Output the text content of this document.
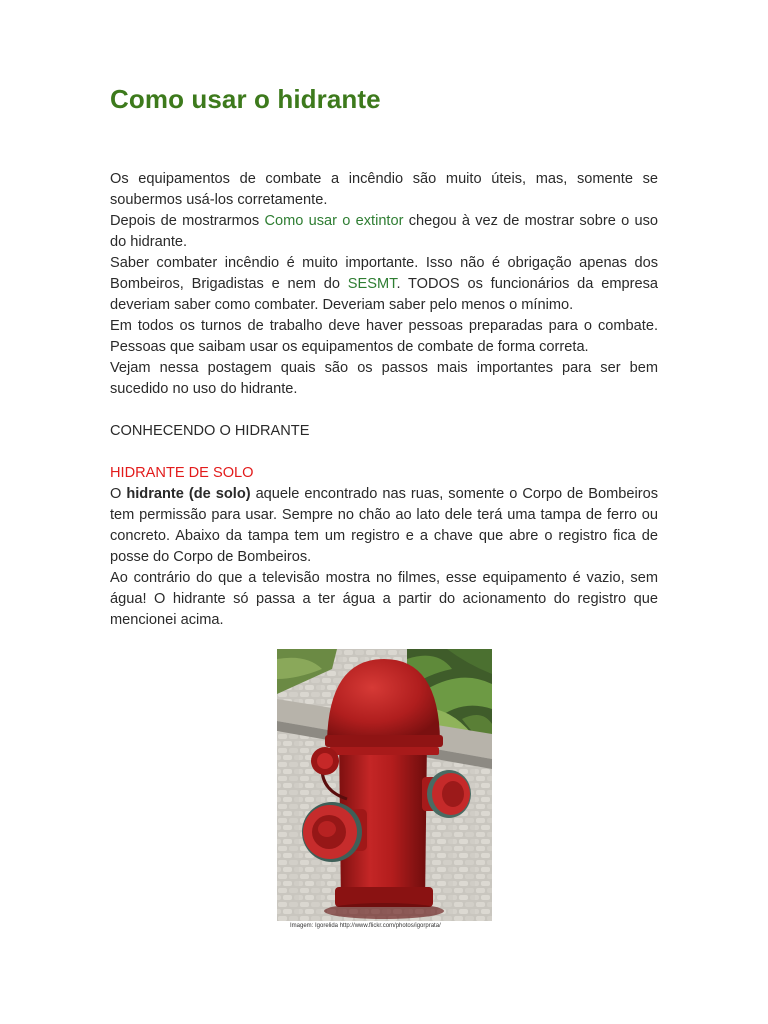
Como usar o hidrante

Os equipamentos de combate a incêndio são muito úteis, mas, somente se soubermos usá-los corretamente.

Depois de mostrarmos Como usar o extintor chegou à vez de mostrar sobre o uso do hidrante.

Saber combater incêndio é muito importante. Isso não é obrigação apenas dos Bombeiros, Brigadistas e nem do SESMT. TODOS os funcionários da empresa deveriam saber como combater. Deveriam saber pelo menos o mínimo.

Em todos os turnos de trabalho deve haver pessoas preparadas para o combate. Pessoas que saibam usar os equipamentos de combate de forma correta.

Vejam nessa postagem quais são os passos mais importantes para ser bem sucedido no uso do hidrante.

CONHECENDO O HIDRANTE

HIDRANTE DE SOLO

O hidrante (de solo) aquele encontrado nas ruas, somente o Corpo de Bombeiros tem permissão para usar. Sempre no chão ao lato dele terá uma tampa de ferro ou concreto. Abaixo da tampa tem um registro e a chave que abre o registro fica de posse do Corpo de Bombeiros.

Ao contrário do que a televisão mostra no filmes, esse equipamento é vazio, sem água! O hidrante só passa a ter água a partir do acionamento do registro que mencionei acima.

Imagem: Igorelida http://www.flickr.com/photos/igorprata/
